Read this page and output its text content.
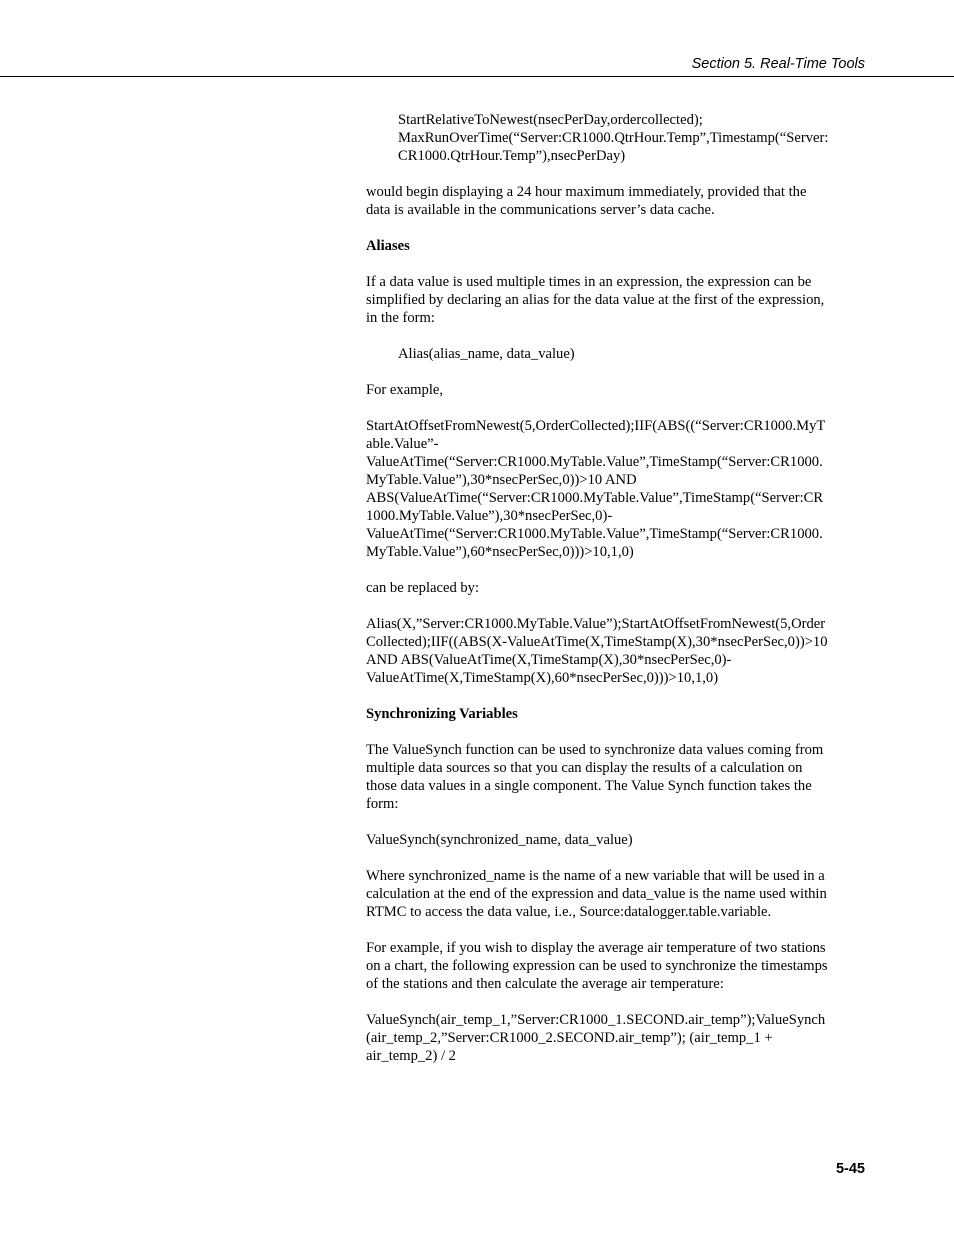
Section 5. Real-Time Tools

StartRelativeToNewest(nsecPerDay,ordercollected);
MaxRunOverTime(“Server:CR1000.QtrHour.Temp”,Timestamp(“Server:
CR1000.QtrHour.Temp”),nsecPerDay)

would begin displaying a 24 hour maximum immediately, provided that the
data is available in the communications server’s data cache.

Aliases

If a data value is used multiple times in an expression, the expression can be
simplified by declaring an alias for the data value at the first of the expression,
in the form:

Alias(alias_name, data_value)

For example,

StartAtOffsetFromNewest(5,OrderCollected);IIF(ABS((“Server:CR1000.MyT
able.Value”-
ValueAtTime(“Server:CR1000.MyTable.Value”,TimeStamp(“Server:CR1000.
MyTable.Value”),30*nsecPerSec,0))>10 AND
ABS(ValueAtTime(“Server:CR1000.MyTable.Value”,TimeStamp(“Server:CR
1000.MyTable.Value”),30*nsecPerSec,0)-
ValueAtTime(“Server:CR1000.MyTable.Value”,TimeStamp(“Server:CR1000.
MyTable.Value”),60*nsecPerSec,0)))>10,1,0)

can be replaced by:

Alias(X,”Server:CR1000.MyTable.Value”);StartAtOffsetFromNewest(5,Order
Collected);IIF((ABS(X-ValueAtTime(X,TimeStamp(X),30*nsecPerSec,0))>10
AND ABS(ValueAtTime(X,TimeStamp(X),30*nsecPerSec,0)-
ValueAtTime(X,TimeStamp(X),60*nsecPerSec,0)))>10,1,0)

Synchronizing Variables

The ValueSynch function can be used to synchronize data values coming from
multiple data sources so that you can display the results of a calculation on
those data values in a single component. The Value Synch function takes the
form:

ValueSynch(synchronized_name, data_value)

Where synchronized_name is the name of a new variable that will be used in a
calculation at the end of the expression and data_value is the name used within
RTMC to access the data value, i.e., Source:datalogger.table.variable.

For example, if you wish to display the average air temperature of two stations
on a chart, the following expression can be used to synchronize the timestamps
of the stations and then calculate the average air temperature:

ValueSynch(air_temp_1,”Server:CR1000_1.SECOND.air_temp”);ValueSynch
(air_temp_2,”Server:CR1000_2.SECOND.air_temp”); (air_temp_1 +
air_temp_2) / 2

5-45
